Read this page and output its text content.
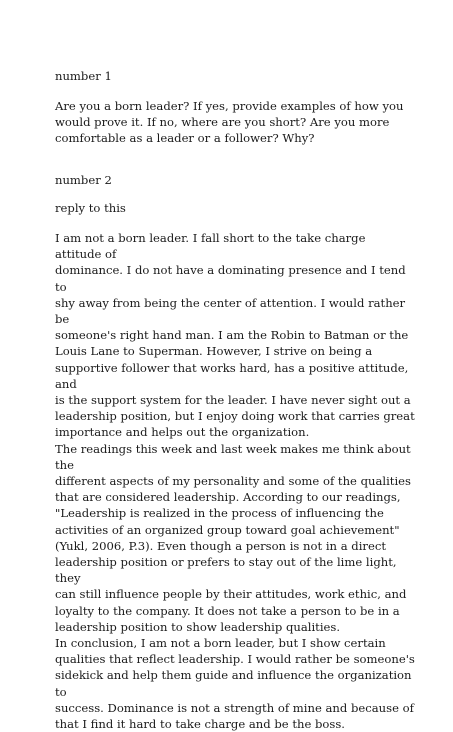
number 1

Are you a born leader? If yes, provide examples of how you
would prove it. If no, where are you short? Are you more
comfortable as a leader or a follower? Why?

number 2

reply to this

I am not a born leader. I fall short to the take charge attitude of
dominance. I do not have a dominating presence and I tend to
shy away from being the center of attention. I would rather be
someone's right hand man. I am the Robin to Batman or the
Louis Lane to Superman. However, I strive on being a
supportive follower that works hard, has a positive attitude, and
is the support system for the leader. I have never sight out a
leadership position, but I enjoy doing work that carries great
importance and helps out the organization.
The readings this week and last week makes me think about the
different aspects of my personality and some of the qualities
that are considered leadership. According to our readings,
"Leadership is realized in the process of influencing the
activities of an organized group toward goal achievement"
(Yukl, 2006, P.3). Even though a person is not in a direct
leadership position or prefers to stay out of the lime light, they
can still influence people by their attitudes, work ethic, and
loyalty to the company. It does not take a person to be in a
leadership position to show leadership qualities.
In conclusion, I am not a born leader, but I show certain
qualities that reflect leadership. I would rather be someone's
sidekick and help them guide and influence the organization to
success. Dominance is not a strength of mine and because of
that I find it hard to take charge and be the boss.
